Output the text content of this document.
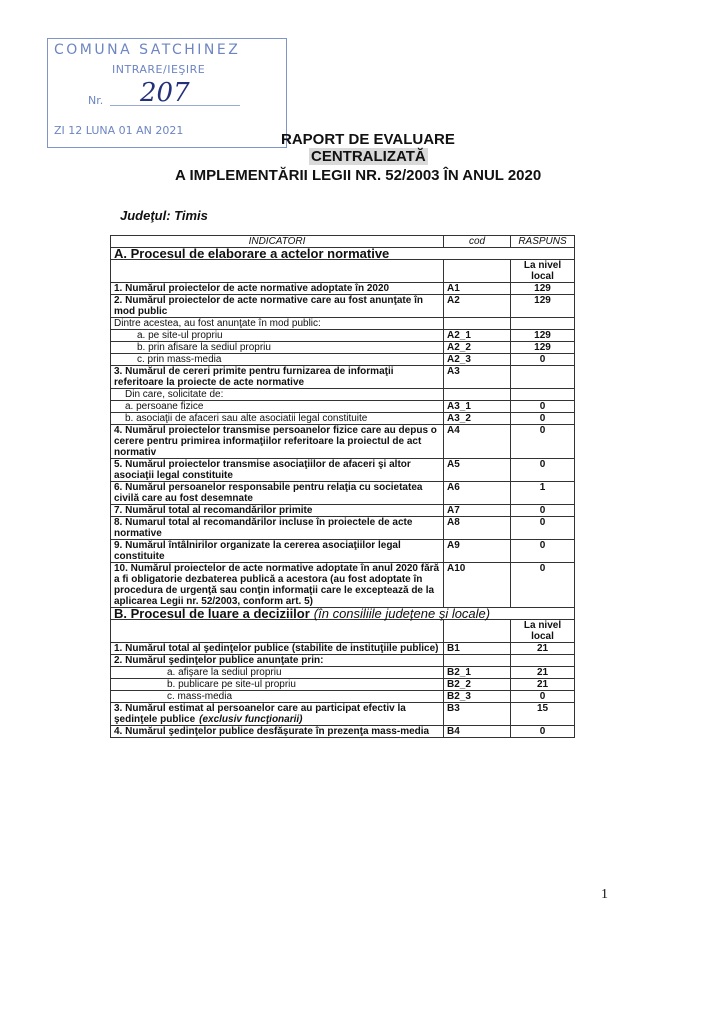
COMUNA SATCHINEZ
INTRARE/IEŞIRE
Nr.
ZI 12 LUNA 01 AN 2021
207
RAPORT DE EVALUARE
CENTRALIZATĂ
A IMPLEMENTĂRII LEGII NR. 52/2003 ÎN ANUL 2020
Judeţul: Timis
INDICATORI	cod	RASPUNS
A. Procesul de elaborare a actelor normative		
		La nivel local
1. Numărul proiectelor de acte normative adoptate în 2020	A1	129
2. Numărul proiectelor de acte normative care au fost anunţate în mod public	A2	129
Dintre acestea, au fost anunţate în mod public:		
a. pe site-ul propriu	A2_1	129
b. prin afisare la sediul propriu	A2_2	129
c. prin mass-media	A2_3	0
3. Numărul de cereri primite pentru furnizarea de informaţii referitoare la proiecte de acte normative	A3	
Din care, solicitate de:		
a. persoane fizice	A3_1	0
b. asociaţii de afaceri sau alte asociatii legal constituite	A3_2	0
4. Numărul proiectelor transmise persoanelor fizice care au depus o cerere pentru primirea informaţiilor referitoare la proiectul de act normativ	A4	0
5. Numărul proiectelor transmise asociaţiilor de afaceri şi altor asociaţii legal constituite	A5	0
6. Numărul persoanelor responsabile pentru relaţia cu societatea civilă care au fost desemnate	A6	1
7. Numărul total al recomandărilor primite	A7	0
8. Numarul total al recomandărilor incluse în proiectele de acte normative	A8	0
9. Numărul întâlnirilor organizate la cererea asociaţiilor legal constituite	A9	0
10. Numărul proiectelor de acte normative adoptate în anul 2020 fără a fi obligatorie dezbaterea publică a acestora (au fost adoptate în procedura de urgenţă sau conţin informaţii care le exceptează de la aplicarea Legii nr. 52/2003, conform art. 5)	A10	0
B. Procesul de luare a deciziilor (în consiliile judeţene şi locale)		
		La nivel local
1. Numărul total al şedinţelor publice (stabilite de instituţiile publice)	B1	21
2. Numărul şedinţelor publice anunţate prin:		
a. afişare la sediul propriu	B2_1	21
b. publicare pe site-ul propriu	B2_2	21
c. mass-media	B2_3	0
3. Numărul estimat al persoanelor care au participat efectiv la şedinţele publice (exclusiv funcţionarii)	B3	15
4. Numărul şedinţelor publice desfăşurate în prezenţa mass-media	B4	0
1
